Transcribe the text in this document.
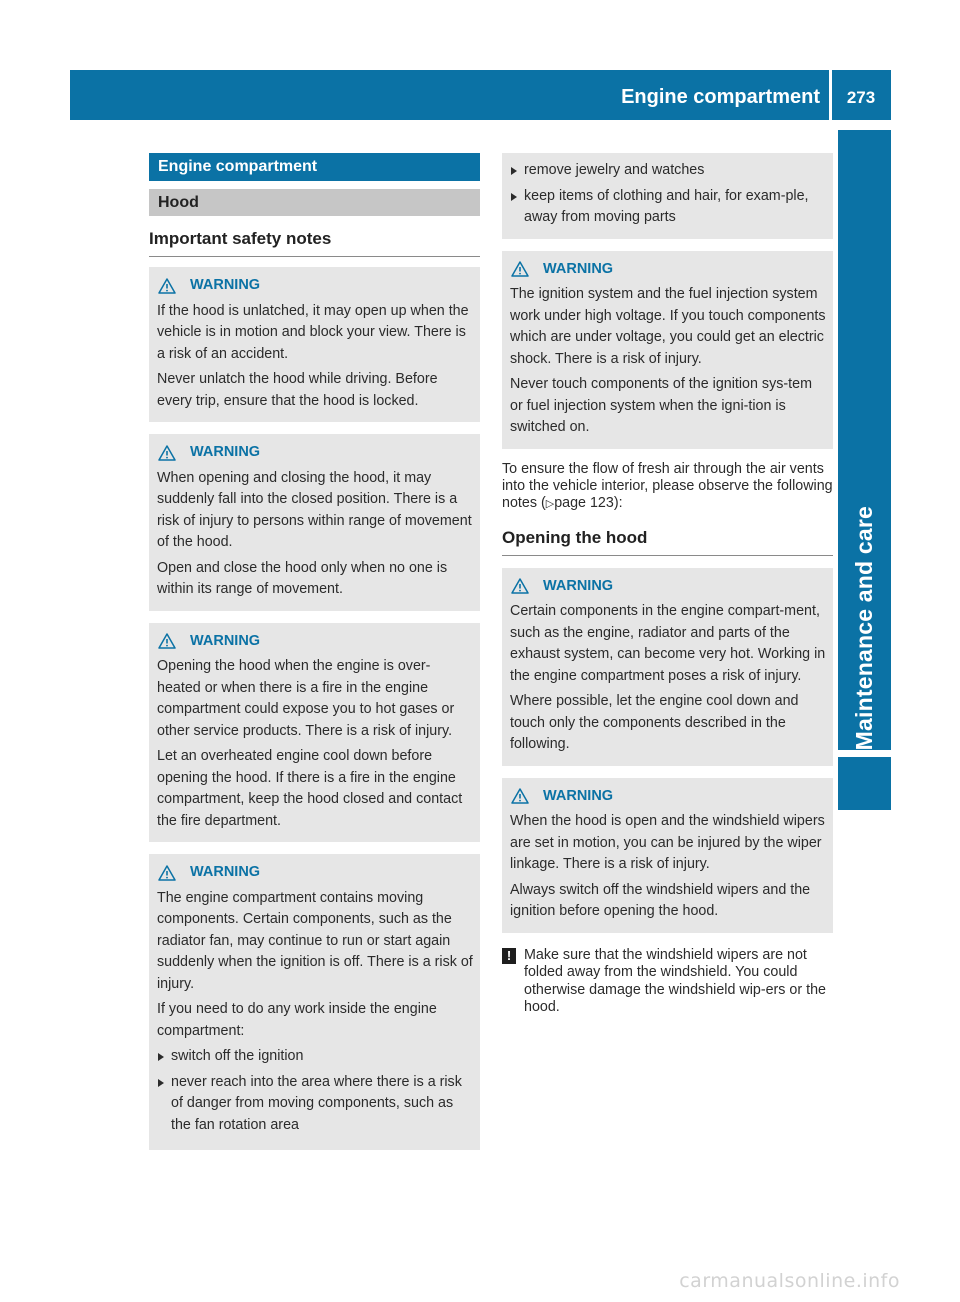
Engine compartment	273
Maintenance and care
Engine compartment
Hood
Important safety notes
WARNING

If the hood is unlatched, it may open up when the vehicle is in motion and block your view. There is a risk of an accident.

Never unlatch the hood while driving. Before every trip, ensure that the hood is locked.

WARNING

When opening and closing the hood, it may suddenly fall into the closed position. There is a risk of injury to persons within range of movement of the hood.

Open and close the hood only when no one is within its range of movement.

WARNING

Opening the hood when the engine is over-heated or when there is a fire in the engine compartment could expose you to hot gases or other service products. There is a risk of injury.

Let an overheated engine cool down before opening the hood. If there is a fire in the engine compartment, keep the hood closed and contact the fire department.

WARNING

The engine compartment contains moving components. Certain components, such as the radiator fan, may continue to run or start again suddenly when the ignition is off. There is a risk of injury.

If you need to do any work inside the engine compartment:

switch off the ignition
never reach into the area where there is a risk of danger from moving components, such as the fan rotation area
remove jewelry and watches
keep items of clothing and hair, for exam-ple, away from moving parts
WARNING

The ignition system and the fuel injection system work under high voltage. If you touch components which are under voltage, you could get an electric shock. There is a risk of injury.

Never touch components of the ignition sys-tem or fuel injection system when the igni-tion is switched on.

To ensure the flow of fresh air through the air vents into the vehicle interior, please observe the following notes (▷page 123):

Opening the hood
WARNING

Certain components in the engine compart-ment, such as the engine, radiator and parts of the exhaust system, can become very hot. Working in the engine compartment poses a risk of injury.

Where possible, let the engine cool down and touch only the components described in the following.

WARNING

When the hood is open and the windshield wipers are set in motion, you can be injured by the wiper linkage. There is a risk of injury.

Always switch off the windshield wipers and the ignition before opening the hood.

! Make sure that the windshield wipers are not folded away from the windshield. You could otherwise damage the windshield wip-ers or the hood.
carmanualsonline.info
